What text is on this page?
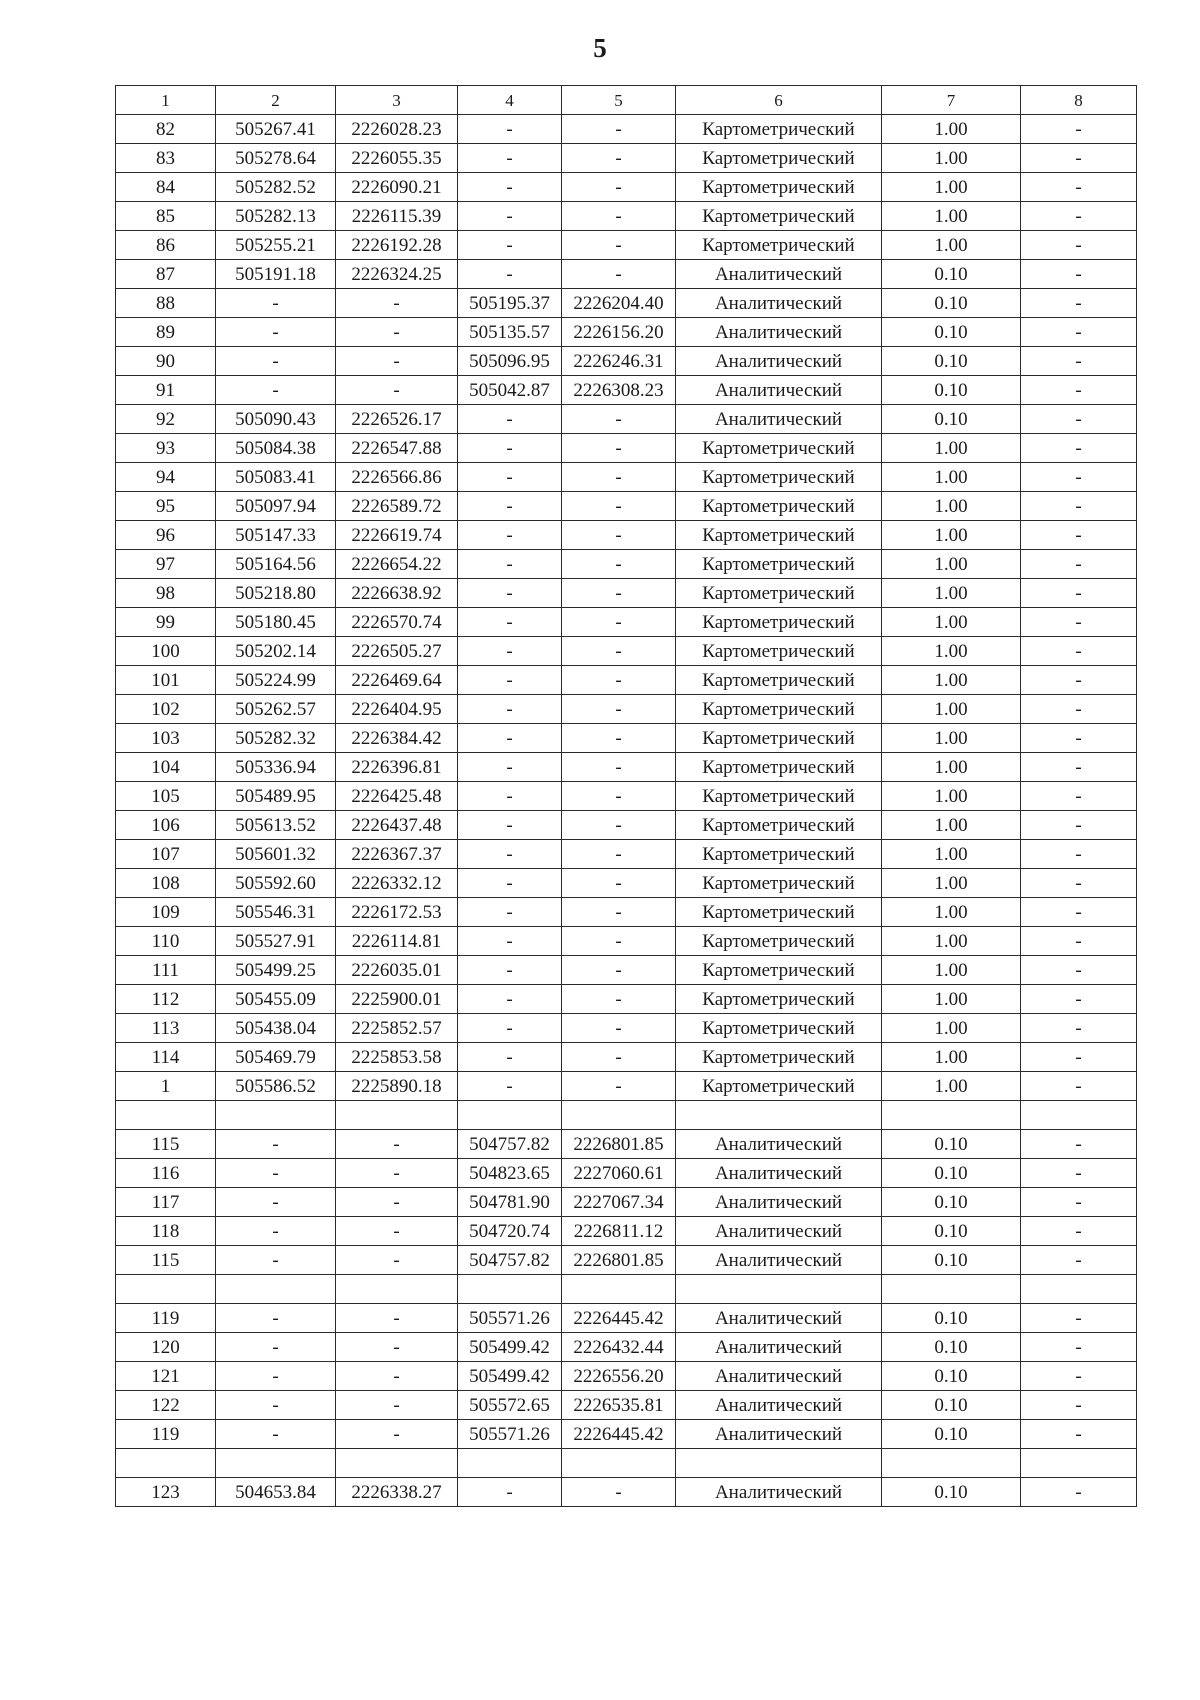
5
1	2	3	4	5	6	7	8
82	505267.41	2226028.23	-	-	Картометрический	1.00	-
83	505278.64	2226055.35	-	-	Картометрический	1.00	-
84	505282.52	2226090.21	-	-	Картометрический	1.00	-
85	505282.13	2226115.39	-	-	Картометрический	1.00	-
86	505255.21	2226192.28	-	-	Картометрический	1.00	-
87	505191.18	2226324.25	-	-	Аналитический	0.10	-
88	-	-	505195.37	2226204.40	Аналитический	0.10	-
89	-	-	505135.57	2226156.20	Аналитический	0.10	-
90	-	-	505096.95	2226246.31	Аналитический	0.10	-
91	-	-	505042.87	2226308.23	Аналитический	0.10	-
92	505090.43	2226526.17	-	-	Аналитический	0.10	-
93	505084.38	2226547.88	-	-	Картометрический	1.00	-
94	505083.41	2226566.86	-	-	Картометрический	1.00	-
95	505097.94	2226589.72	-	-	Картометрический	1.00	-
96	505147.33	2226619.74	-	-	Картометрический	1.00	-
97	505164.56	2226654.22	-	-	Картометрический	1.00	-
98	505218.80	2226638.92	-	-	Картометрический	1.00	-
99	505180.45	2226570.74	-	-	Картометрический	1.00	-
100	505202.14	2226505.27	-	-	Картометрический	1.00	-
101	505224.99	2226469.64	-	-	Картометрический	1.00	-
102	505262.57	2226404.95	-	-	Картометрический	1.00	-
103	505282.32	2226384.42	-	-	Картометрический	1.00	-
104	505336.94	2226396.81	-	-	Картометрический	1.00	-
105	505489.95	2226425.48	-	-	Картометрический	1.00	-
106	505613.52	2226437.48	-	-	Картометрический	1.00	-
107	505601.32	2226367.37	-	-	Картометрический	1.00	-
108	505592.60	2226332.12	-	-	Картометрический	1.00	-
109	505546.31	2226172.53	-	-	Картометрический	1.00	-
110	505527.91	2226114.81	-	-	Картометрический	1.00	-
111	505499.25	2226035.01	-	-	Картометрический	1.00	-
112	505455.09	2225900.01	-	-	Картометрический	1.00	-
113	505438.04	2225852.57	-	-	Картометрический	1.00	-
114	505469.79	2225853.58	-	-	Картометрический	1.00	-
1	505586.52	2225890.18	-	-	Картометрический	1.00	-

115	-	-	504757.82	2226801.85	Аналитический	0.10	-
116	-	-	504823.65	2227060.61	Аналитический	0.10	-
117	-	-	504781.90	2227067.34	Аналитический	0.10	-
118	-	-	504720.74	2226811.12	Аналитический	0.10	-
115	-	-	504757.82	2226801.85	Аналитический	0.10	-

119	-	-	505571.26	2226445.42	Аналитический	0.10	-
120	-	-	505499.42	2226432.44	Аналитический	0.10	-
121	-	-	505499.42	2226556.20	Аналитический	0.10	-
122	-	-	505572.65	2226535.81	Аналитический	0.10	-
119	-	-	505571.26	2226445.42	Аналитический	0.10	-

123	504653.84	2226338.27	-	-	Аналитический	0.10	-
